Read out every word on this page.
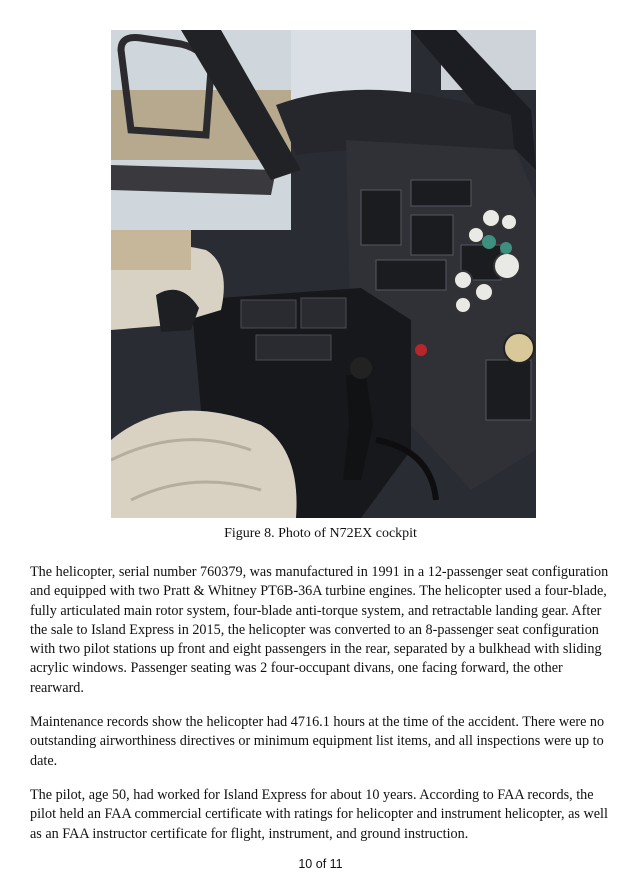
Figure 8. Photo of N72EX cockpit

The helicopter, serial number 760379, was manufactured in 1991 in a 12-passenger seat configuration and equipped with two Pratt & Whitney PT6B-36A turbine engines. The helicopter used a four-blade, fully articulated main rotor system, four-blade anti-torque system, and retractable landing gear. After the sale to Island Express in 2015, the helicopter was converted to an 8-passenger seat configuration with two pilot stations up front and eight passengers in the rear, separated by a bulkhead with sliding acrylic windows. Passenger seating was 2 four-occupant divans, one facing forward, the other rearward.

Maintenance records show the helicopter had 4716.1 hours at the time of the accident. There were no outstanding airworthiness directives or minimum equipment list items, and all inspections were up to date.

The pilot, age 50, had worked for Island Express for about 10 years. According to FAA records, the pilot held an FAA commercial certificate with ratings for helicopter and instrument helicopter, as well as an FAA instructor certificate for flight, instrument, and ground instruction.

10 of 11
